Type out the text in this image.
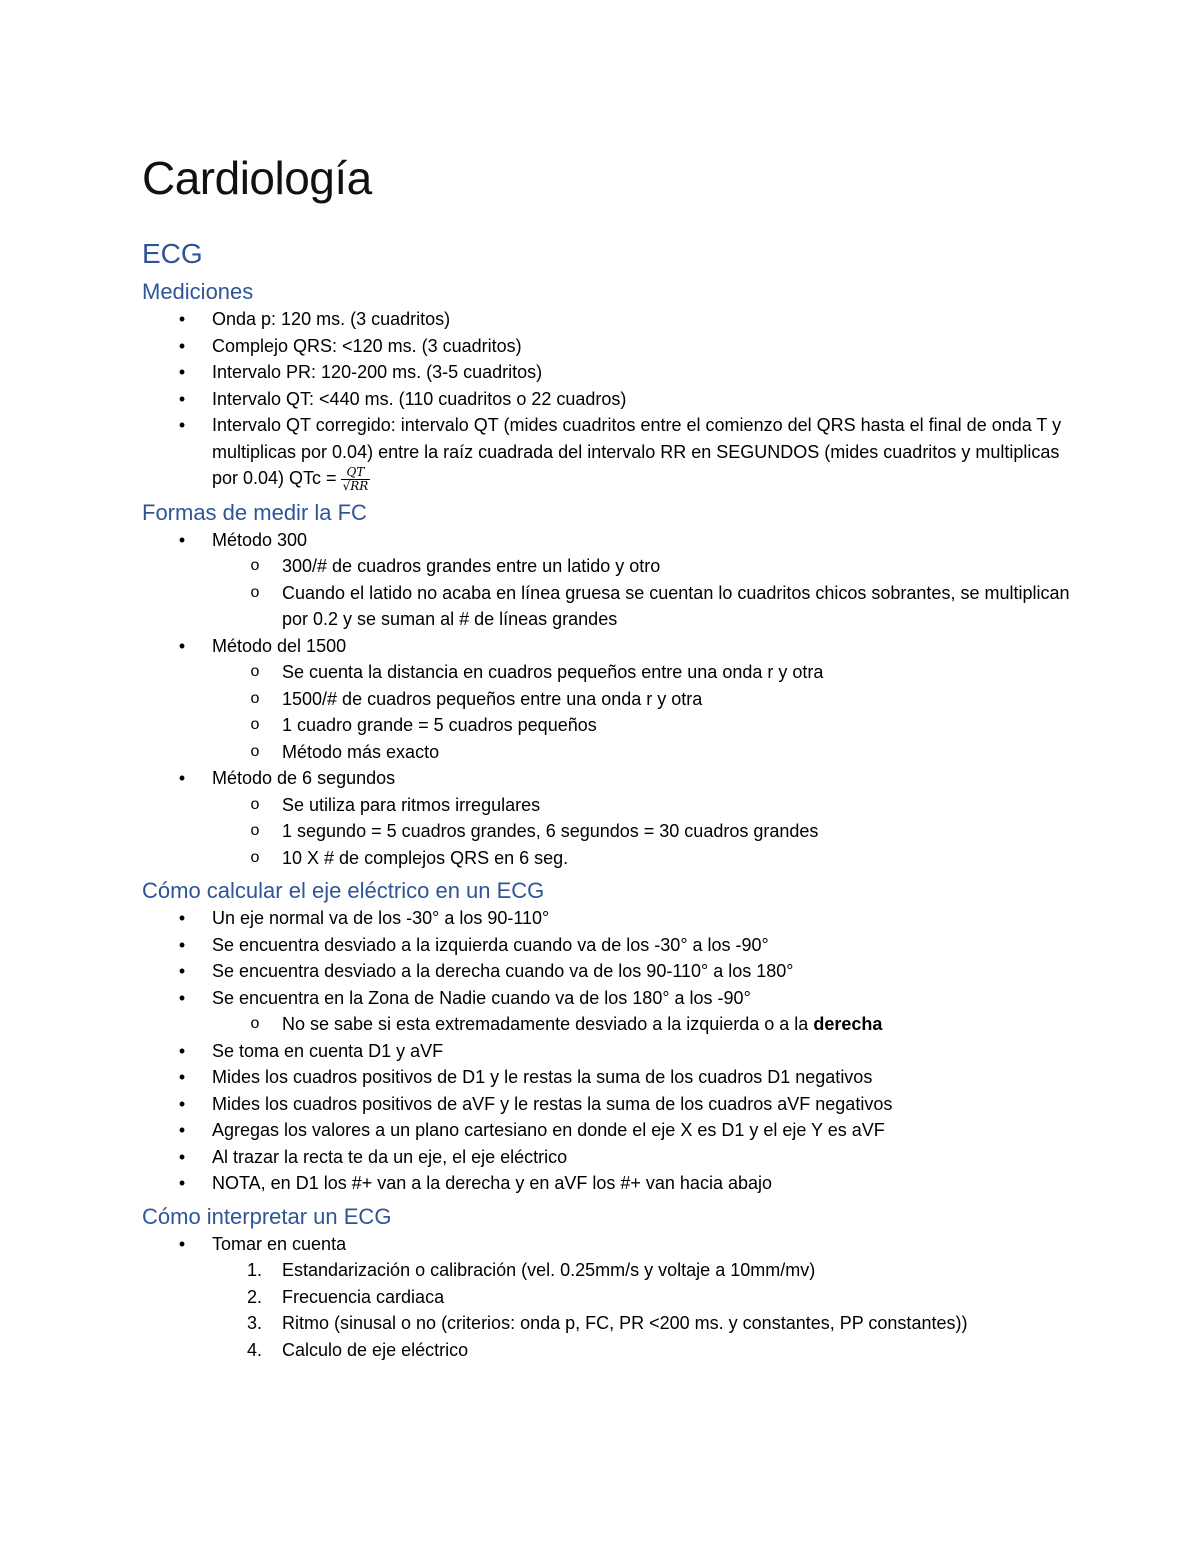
Cardiología
ECG
Mediciones
• Onda p: 120 ms. (3 cuadritos)
• Complejo QRS: <120 ms. (3 cuadritos)
• Intervalo PR: 120-200 ms. (3-5 cuadritos)
• Intervalo QT: <440 ms. (110 cuadritos o 22 cuadros)
• Intervalo QT corregido: intervalo QT (mides cuadritos entre el comienzo del QRS hasta el final de onda T y multiplicas por 0.04) entre la raíz cuadrada del intervalo RR en SEGUNDOS (mides cuadritos y multiplicas por 0.04) QTc = $\frac{QT}{√RR}$
Formas de medir la FC
• Método 300
o	300/# de cuadros grandes entre un latido y otro
o	Cuando el latido no acaba en línea gruesa se cuentan lo cuadritos chicos sobrantes, se multiplican por 0.2 y se suman al # de líneas grandes
• Método del 1500
o	Se cuenta la distancia en cuadros pequeños entre una onda r y otra
o	1500/# de cuadros pequeños entre una onda r y otra
o	1 cuadro grande = 5 cuadros pequeños
o	Método más exacto
• Método de 6 segundos
o	Se utiliza para ritmos irregulares
o	1 segundo = 5 cuadros grandes, 6 segundos = 30 cuadros grandes
o	10 X # de complejos QRS en 6 seg.
Cómo calcular el eje eléctrico en un ECG
• Un eje normal va de los -30° a los 90-110°
• Se encuentra desviado a la izquierda cuando va de los -30° a los -90°
• Se encuentra desviado a la derecha cuando va de los 90-110° a los 180°
• Se encuentra en la Zona de Nadie cuando va de los 180° a los -90°
o	No se sabe si esta extremadamente desviado a la izquierda o a la derecha
• Se toma en cuenta D1 y aVF
• Mides los cuadros positivos de D1 y le restas la suma de los cuadros D1 negativos
• Mides los cuadros positivos de aVF y le restas la suma de los cuadros aVF negativos
• Agregas los valores a un plano cartesiano en donde el eje X es D1 y el eje Y es aVF
• Al trazar la recta te da un eje, el eje eléctrico
• NOTA, en D1 los #+ van a la derecha y en aVF los #+ van hacia abajo
Cómo interpretar un ECG
• Tomar en cuenta
1. Estandarización o calibración (vel. 0.25mm/s y voltaje a 10mm/mv)
2. Frecuencia cardiaca
3. Ritmo (sinusal o no (criterios: onda p, FC, PR <200 ms. y constantes, PP constantes))
4. Calculo de eje eléctrico
